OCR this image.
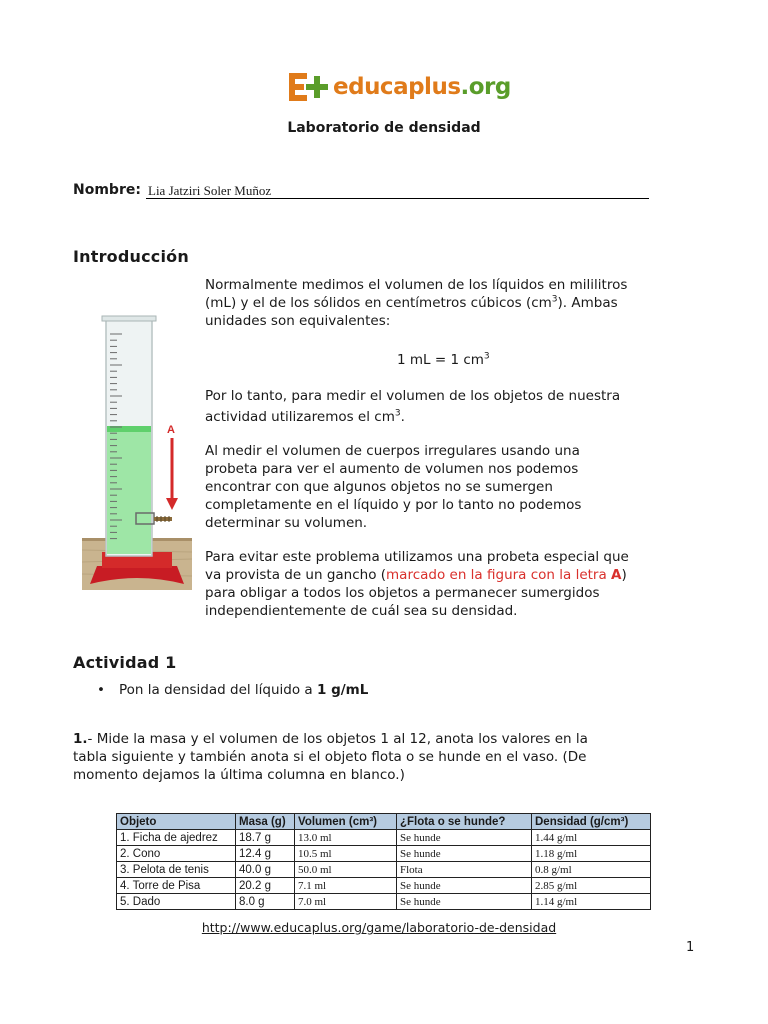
educaplus.org
Laboratorio de densidad
Nombre: Lia Jatziri Soler Muñoz
Introducción
A
Normalmente medimos el volumen de los líquidos en mililitros
(mL) y el de los sólidos en centímetros cúbicos $(cm^3)$. Ambas
unidades son equivalentes:
1 mL = 1 $cm^3$
Por lo tanto, para medir el volumen de los objetos de nuestra
actividad utilizaremos el $cm^3$.
Al medir el volumen de cuerpos irregulares usando una
probeta para ver el aumento de volumen nos podemos
encontrar con que algunos objetos no se sumergen
completamente en el líquido y por lo tanto no podemos
determinar su volumen.
Para evitar este problema utilizamos una probeta especial que
va provista de un gancho (marcado en la figura con la letra A)
para obligar a todos los objetos a permanecer sumergidos
independientemente de cuál sea su densidad.
Actividad 1
• Pon la densidad del líquido a 1 g/mL
1.- Mide la masa y el volumen de los objetos 1 al 12, anota los valores en la
tabla siguiente y también anota si el objeto flota o se hunde en el vaso. (De
momento dejamos la última columna en blanco.)
Objeto	Masa (g)	Volumen (cm³)	¿Flota o se hunde?	Densidad (g/cm³)
1. Ficha de ajedrez	18.7 g	13.0 ml	Se hunde	1.44 g/ml
2. Cono	12.4 g	10.5 ml	Se hunde	1.18 g/ml
3. Pelota de tenis	40.0 g	50.0 ml	Flota	0.8 g/ml
4. Torre de Pisa	20.2 g	7.1 ml	Se hunde	2.85 g/ml
5. Dado	8.0 g	7.0 ml	Se hunde	1.14 g/ml
http://www.educaplus.org/game/laboratorio-de-densidad
1
